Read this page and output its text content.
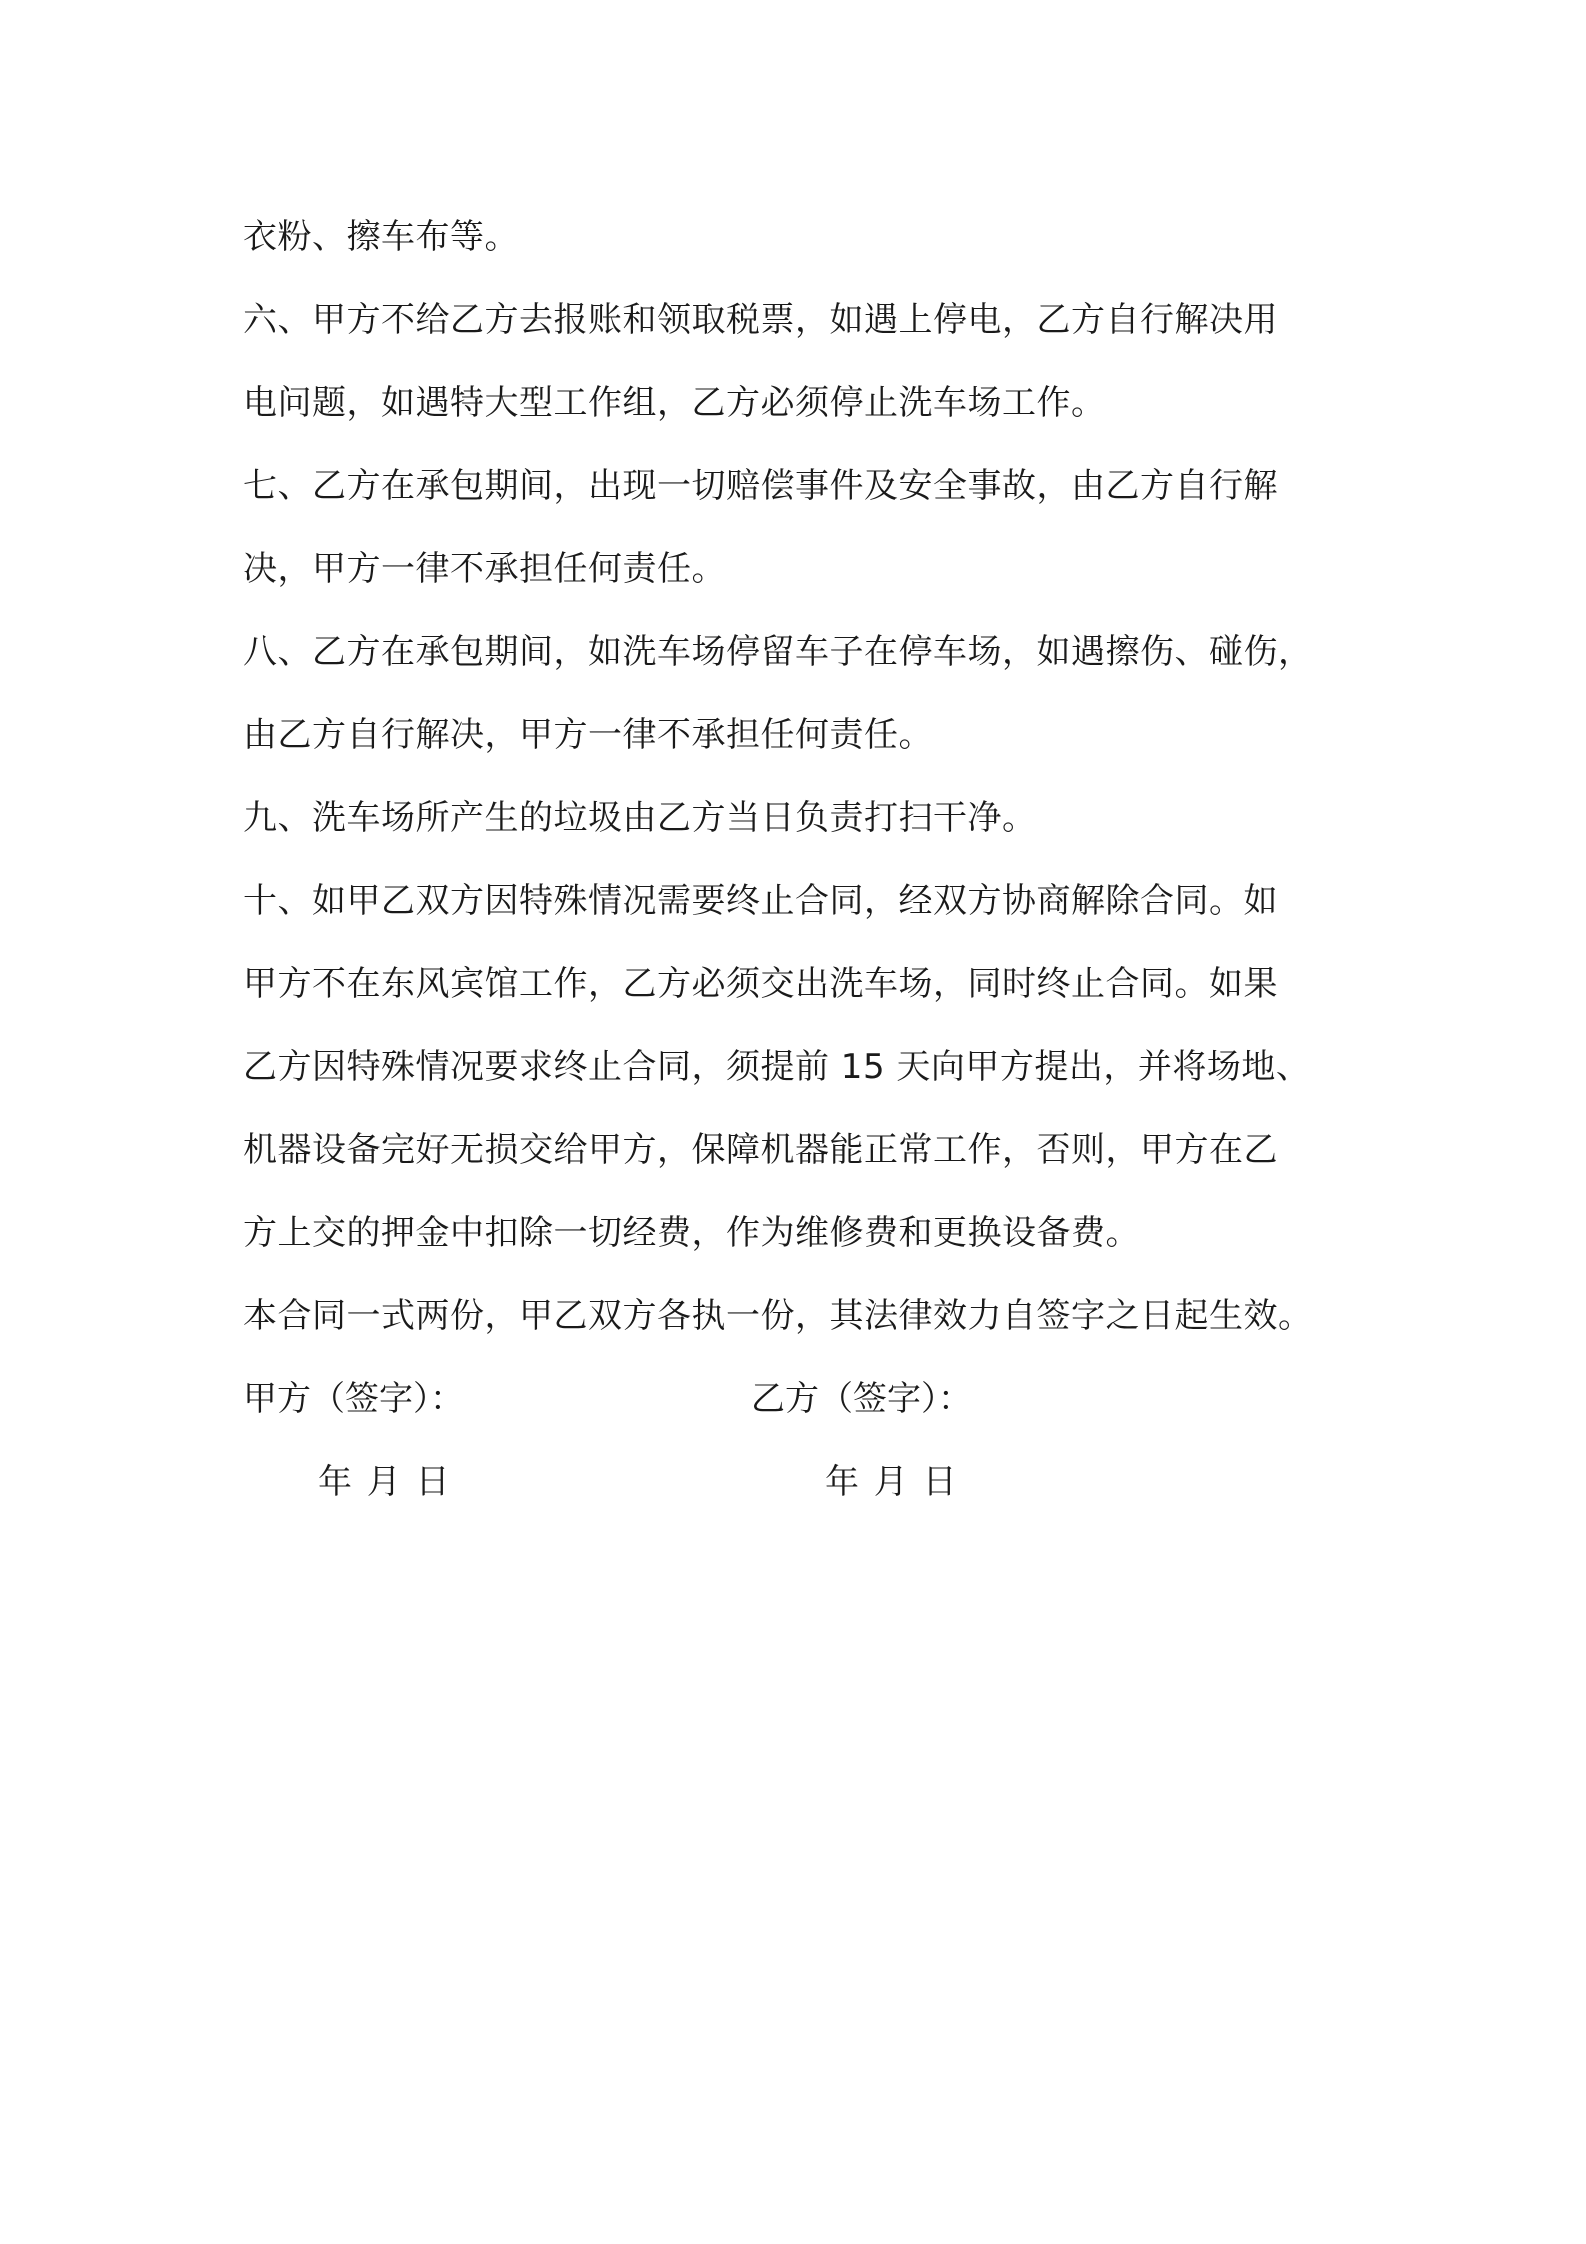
衣粉、擦车布等。
六、甲方不给乙方去报账和领取税票，如遇上停电，乙方自行解决用
电问题，如遇特大型工作组，乙方必须停止洗车场工作。
七、乙方在承包期间，出现一切赔偿事件及安全事故，由乙方自行解
决，甲方一律不承担任何责任。
八、乙方在承包期间，如洗车场停留车子在停车场，如遇擦伤、碰伤，
由乙方自行解决，甲方一律不承担任何责任。
九、洗车场所产生的垃圾由乙方当日负责打扫干净。
十、如甲乙双方因特殊情况需要终止合同，经双方协商解除合同。如
甲方不在东风宾馆工作，乙方必须交出洗车场，同时终止合同。如果
乙方因特殊情况要求终止合同，须提前 15 天向甲方提出，并将场地、
机器设备完好无损交给甲方，保障机器能正常工作，否则，甲方在乙
方上交的押金中扣除一切经费，作为维修费和更换设备费。
本合同一式两份，甲乙双方各执一份，其法律效力自签字之日起生效。
甲方（签字）：	乙方（签字）：
年 月 日	年 月 日
